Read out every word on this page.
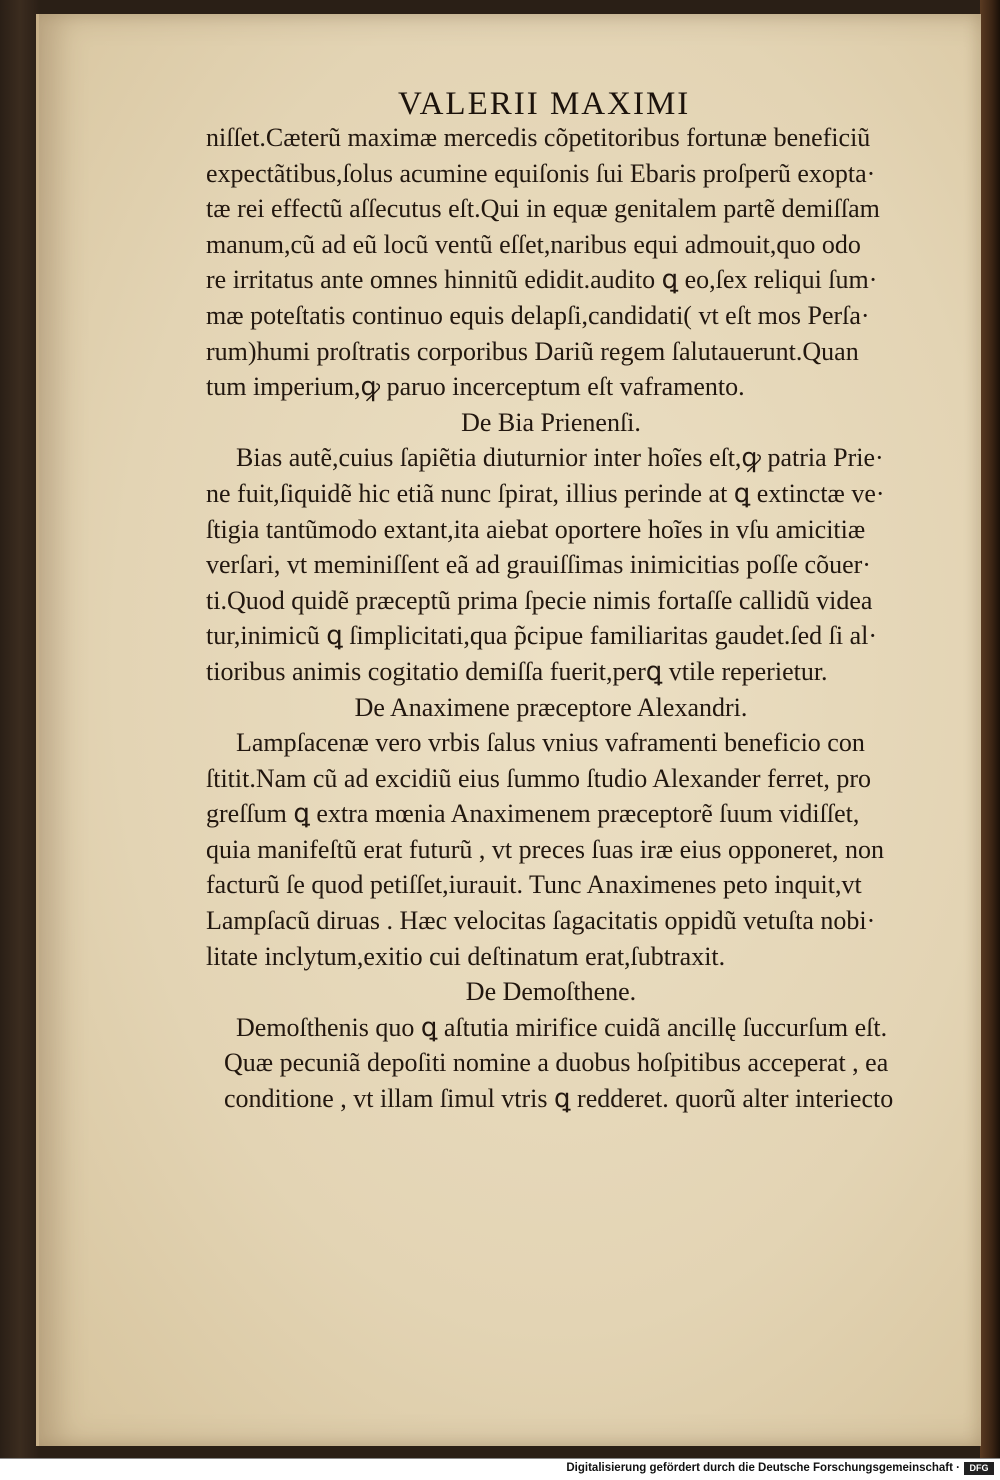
VALERII MAXIMI
niſſet.Cæterũ maximæ mercedis cõpetitoribus fortunæ beneficiũ
expectãtibus,ſolus acumine equiſonis ſui Ebaris proſperũ exopta·
tæ rei effectũ aſſecutus eſt.Qui in equæ genitalem partẽ demiſſam
manum,cũ ad eũ locũ ventũ eſſet,naribus equi admouit,quo odo
re irritatus ante omnes hinnitũ edidit.audito ꝗ eo,ſex reliqui ſum·
mæ poteſtatis continuo equis delapſi,candidati( vt eſt mos Perſa·
rum)humi proſtratis corporibus Dariũ regem ſalutauerunt.Quan
tum imperium,ꝙ paruo incerceptum eſt vaframento.
De Bia Prienenſi.
Bias autẽ,cuius ſapiẽtia diuturnior inter hoĩes eſt,ꝙ patria Prie·
ne fuit,ſiquidẽ hic etiã nunc ſpirat, illius perinde at ꝗ extinctæ ve·
ſtigia tantũmodo extant,ita aiebat oportere hoĩes in vſu amicitiæ
verſari, vt meminiſſent eã ad grauiſſimas inimicitias poſſe cõuer·
ti.Quod quidẽ præceptũ prima ſpecie nimis fortaſſe callidũ videa
tur,inimicũ ꝗ ſimplicitati,qua p̃cipue familiaritas gaudet.ſed ſi al·
tioribus animis cogitatio demiſſa fuerit,perꝗ vtile reperietur.
De Anaximene præceptore Alexandri.
Lampſacenæ vero vrbis ſalus vnius vaframenti beneficio con
ſtitit.Nam cũ ad excidiũ eius ſummo ſtudio Alexander ferret, pro
greſſum ꝗ extra mœnia Anaximenem præceptorẽ ſuum vidiſſet,
quia manifeſtũ erat futurũ , vt preces ſuas iræ eius opponeret, non
facturũ ſe quod petiſſet,iurauit. Tunc Anaximenes peto inquit,vt
Lampſacũ diruas . Hæc velocitas ſagacitatis oppidũ vetuſta nobi·
litate inclytum,exitio cui deſtinatum erat,ſubtraxit.
De Demoſthene.
Demoſthenis quo ꝗ aſtutia mirifice cuidã ancillę ſuccurſum eſt.
Quæ pecuniã depoſiti nomine a duobus hoſpitibus acceperat , ea
conditione , vt illam ſimul vtris ꝗ redderet. quorũ alter interiecto
Digitalisierung gefördert durch die Deutsche Forschungsgemeinschaft ·	DFG
